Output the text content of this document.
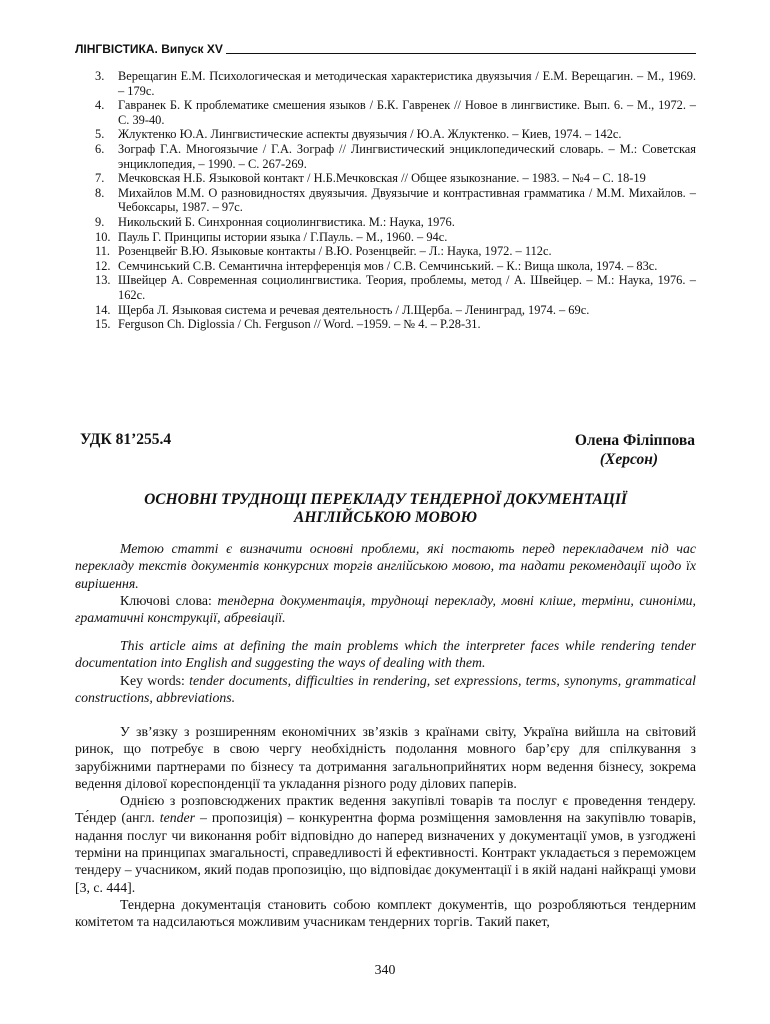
ЛІНГВІСТИКА. Випуск XV
3. Верещагин Е.М. Психологическая и методическая характеристика двуязычия / Е.М. Верещагин. – М., 1969. – 179с.
4. Гавранек Б. К проблематике смешения языков / Б.К. Гавренек // Новое в лингвистике. Вып. 6. – М., 1972. – С. 39-40.
5. Жлуктенко Ю.А. Лингвистические аспекты двуязычия / Ю.А. Жлуктенко. – Киев, 1974. – 142с.
6. Зограф Г.А. Многоязычие / Г.А. Зограф // Лингвистический энциклопедический словарь. – М.: Советская энциклопедия, – 1990. – С. 267-269.
7. Мечковская Н.Б. Языковой контакт / Н.Б.Мечковская // Общее языкознание. – 1983. – №4 – С. 18-19
8. Михайлов М.М. О разновидностях двуязычия. Двуязычие и контрастивная грамматика / М.М. Михайлов. – Чебоксары, 1987. – 97с.
9. Никольский Б. Синхронная социолингвистика. М.: Наука, 1976.
10. Пауль Г. Принципы истории языка / Г.Пауль. – М., 1960. – 94с.
11. Розенцвейг В.Ю. Языковые контакты / В.Ю. Розенцвейг. – Л.: Наука, 1972. – 112с.
12. Семчинський С.В. Семантична інтерференція мов / С.В. Семчинський. – К.: Вища школа, 1974. – 83с.
13. Швейцер А. Современная социолингвистика. Теория, проблемы, метод / А. Швейцер. – М.: Наука, 1976. – 162с.
14. Щерба Л. Языковая система и речевая деятельность / Л.Щерба. – Ленинград, 1974. – 69с.
15. Ferguson Ch. Diglossia / Ch. Ferguson // Word. –1959. – № 4. – P.28-31.
УДК 81’255.4	Олена Філіппова
(Херсон)
ОСНОВНІ ТРУДНОЩІ ПЕРЕКЛАДУ ТЕНДЕРНОЇ ДОКУМЕНТАЦІЇ
АНГЛІЙСЬКОЮ МОВОЮ

Метою статті є визначити основні проблеми, які постають перед перекладачем під час перекладу текстів документів конкурсних торгів англійською мовою, та надати рекомендації щодо їх вирішення.

Ключові слова: тендерна документація, труднощі перекладу, мовні кліше, терміни, синоніми, граматичні конструкції, абревіації.

This article aims at defining the main problems which the interpreter faces while rendering tender documentation into English and suggesting the ways of dealing with them.

Key words: tender documents, difficulties in rendering, set expressions, terms, synonyms, grammatical constructions, abbreviations.

У зв’язку з розширенням економічних зв’язків з країнами світу, Україна вийшла на світовий ринок, що потребує в свою чергу необхідність подолання мовного бар’єру для спілкування з зарубіжними партнерами по бізнесу та дотримання загальноприйнятих норм ведення бізнесу, зокрема ведення ділової кореспонденції та укладання різного роду ділових паперів.

Однією з розповсюджених практик ведення закупівлі товарів та послуг є проведення тендеру. Те́ндер (англ. tender – пропозиція) – конкурентна форма розміщення замовлення на закупівлю товарів, надання послуг чи виконання робіт відповідно до наперед визначених у документації умов, в узгоджені терміни на принципах змагальності, справедливості й ефективності. Контракт укладається з переможцем тендеру – учасником, який подав пропозицію, що відповідає документації і в якій надані найкращі умови [3, с. 444].

Тендерна документація становить собою комплект документів, що розробляються тендерним комітетом та надсилаються можливим учасникам тендерних торгів. Такий пакет,

340
